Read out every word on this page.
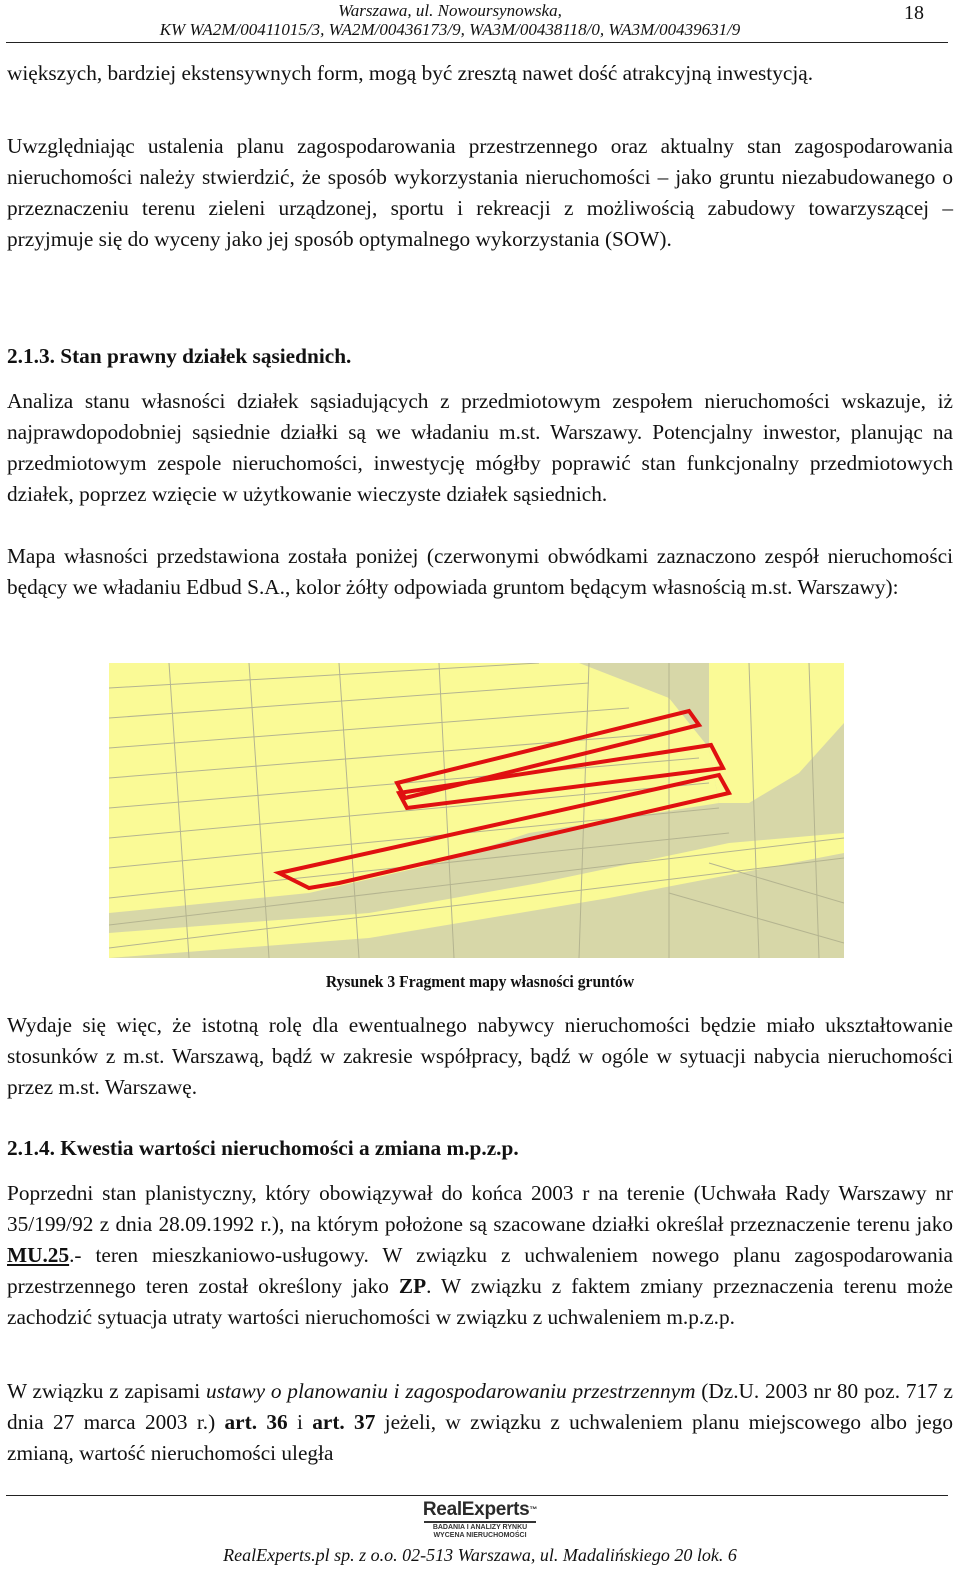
Warszawa, ul. Nowoursynowska,
KW WA2M/00411015/3, WA2M/00436173/9, WA3M/00438118/0, WA3M/00439631/9
18
większych, bardziej ekstensywnych form, mogą być zresztą nawet dość atrakcyjną inwestycją.
Uwzględniając ustalenia planu zagospodarowania przestrzennego oraz aktualny stan zagospodarowania nieruchomości należy stwierdzić, że sposób wykorzystania nieruchomości – jako gruntu niezabudowanego o przeznaczeniu terenu zieleni urządzonej, sportu i rekreacji z możliwością zabudowy towarzyszącej – przyjmuje się do wyceny jako jej sposób optymalnego wykorzystania (SOW).
2.1.3. Stan prawny działek sąsiednich.
Analiza stanu własności działek sąsiadujących z przedmiotowym zespołem nieruchomości wskazuje, iż najprawdopodobniej sąsiednie działki są we władaniu m.st. Warszawy. Potencjalny inwestor, planując na przedmiotowym zespole nieruchomości, inwestycję mógłby poprawić stan funkcjonalny przedmiotowych działek, poprzez wzięcie w użytkowanie wieczyste działek sąsiednich.
Mapa własności przedstawiona została poniżej (czerwonymi obwódkami zaznaczono zespół nieruchomości będący we władaniu Edbud S.A., kolor żółty odpowiada gruntom będącym własnością m.st. Warszawy):
Rysunek 3 Fragment mapy własności gruntów
Wydaje się więc, że istotną rolę dla ewentualnego nabywcy nieruchomości będzie miało ukształtowanie stosunków z m.st. Warszawą, bądź w zakresie współpracy, bądź w ogóle w sytuacji nabycia nieruchomości przez m.st. Warszawę.
2.1.4. Kwestia wartości nieruchomości a zmiana m.p.z.p.
Poprzedni stan planistyczny, który obowiązywał do końca 2003 r na terenie (Uchwała Rady Warszawy nr 35/199/92 z dnia 28.09.1992 r.), na którym położone są szacowane działki określał przeznaczenie terenu jako MU.25.- teren mieszkaniowo-usługowy. W związku z uchwaleniem nowego planu zagospodarowania przestrzennego teren został określony jako ZP. W związku z faktem zmiany przeznaczenia terenu może zachodzić sytuacja utraty wartości nieruchomości w związku z uchwaleniem m.p.z.p.
W związku z zapisami ustawy o planowaniu i zagospodarowaniu przestrzennym (Dz.U. 2003 nr 80 poz. 717 z dnia 27 marca 2003 r.) art. 36 i art. 37 jeżeli, w związku z uchwaleniem planu miejscowego albo jego zmianą, wartość nieruchomości uległa
RealExperts™
BADANIA I ANALIZY RYNKU
WYCENA NIERUCHOMOŚCI
RealExperts.pl sp. z o.o. 02-513 Warszawa, ul. Madalińskiego 20 lok. 6
